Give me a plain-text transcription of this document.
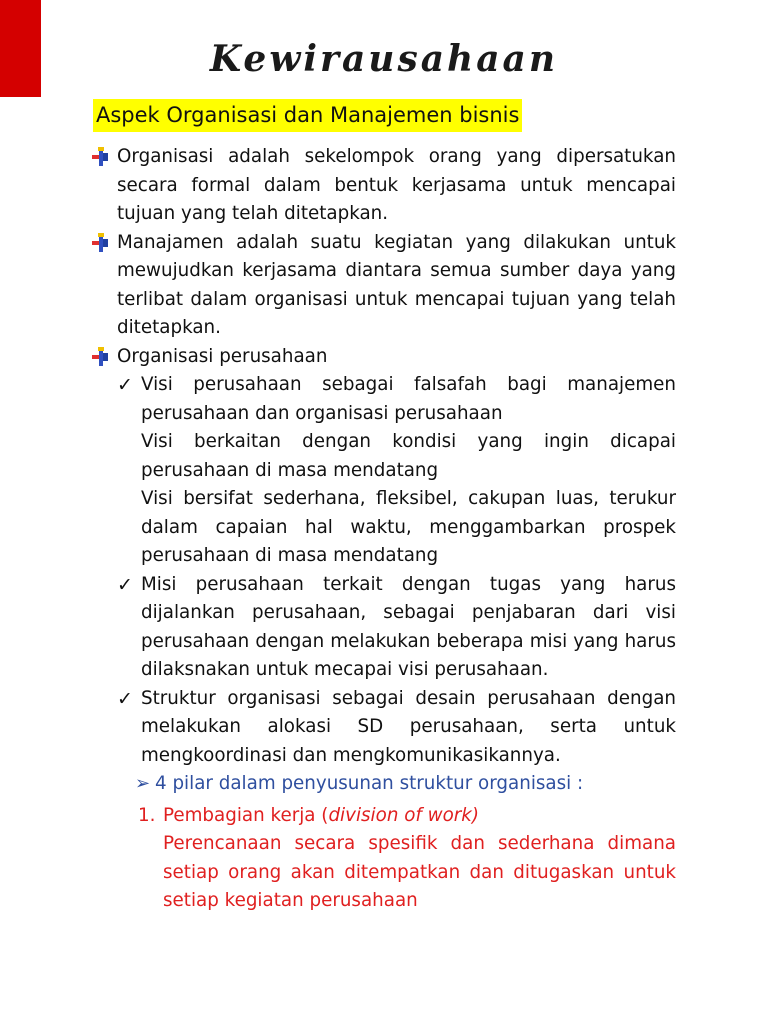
Kewirausahaan
Aspek Organisasi dan Manajemen bisnis
Organisasi adalah sekelompok orang yang dipersatukan secara formal dalam bentuk kerjasama untuk mencapai tujuan yang telah ditetapkan.
Manajamen adalah suatu kegiatan yang dilakukan untuk mewujudkan kerjasama diantara semua sumber daya yang terlibat dalam organisasi untuk mencapai tujuan yang telah ditetapkan.
Organisasi perusahaan
✓ Visi perusahaan sebagai falsafah bagi manajemen perusahaan dan organisasi perusahaan
Visi berkaitan dengan kondisi yang ingin dicapai perusahaan di masa mendatang
Visi bersifat sederhana, fleksibel, cakupan luas, terukur dalam capaian hal waktu, menggambarkan prospek perusahaan di masa mendatang
✓ Misi perusahaan terkait dengan tugas yang harus dijalankan perusahaan, sebagai penjabaran dari visi perusahaan dengan melakukan beberapa misi yang harus dilaksnakan untuk mecapai visi perusahaan.
✓ Struktur organisasi sebagai desain perusahaan dengan melakukan alokasi SD perusahaan, serta untuk mengkoordinasi dan mengkomunikasikannya.
➢ 4 pilar dalam penyusunan struktur organisasi :
1. Pembagian kerja (division of work)
Perencanaan secara spesifik dan sederhana dimana setiap orang akan ditempatkan dan ditugaskan untuk setiap kegiatan perusahaan
